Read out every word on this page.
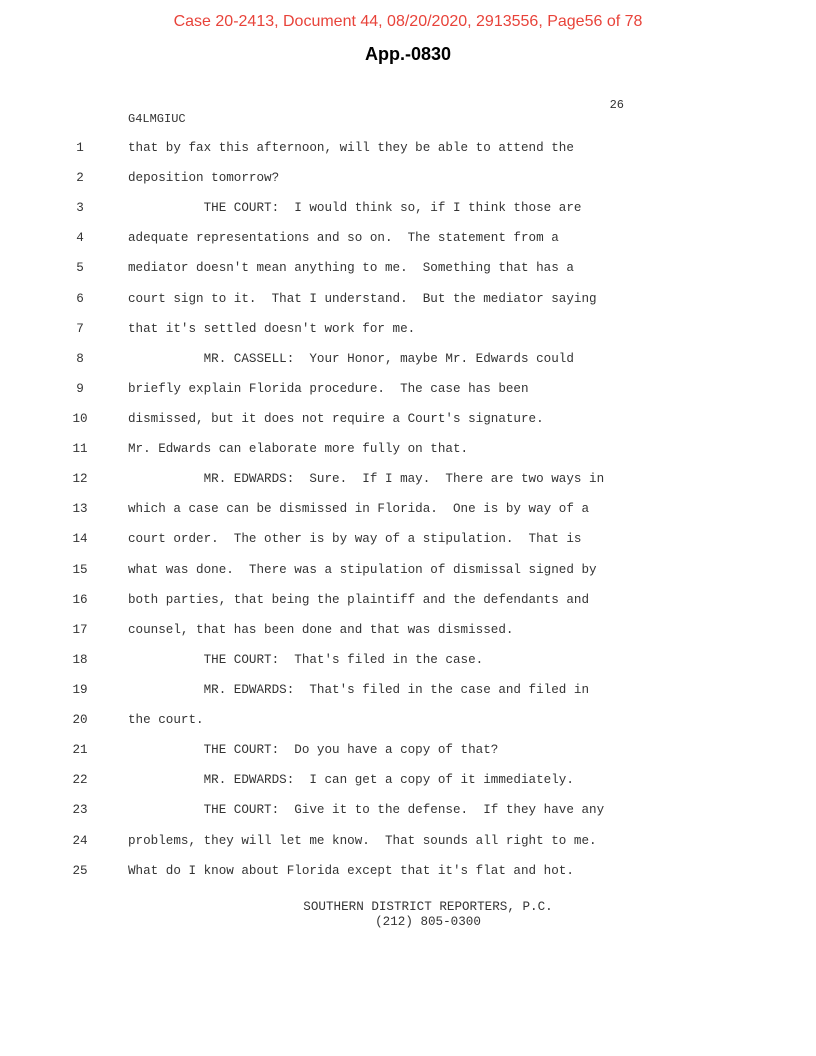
Case 20-2413, Document 44, 08/20/2020, 2913556, Page56 of 78
App.-0830
26
G4LMGIUC
1	that by fax this afternoon, will they be able to attend the
2	deposition tomorrow?
3	THE COURT:  I would think so, if I think those are
4	adequate representations and so on.  The statement from a
5	mediator doesn't mean anything to me.  Something that has a
6	court sign to it.  That I understand.  But the mediator saying
7	that it's settled doesn't work for me.
8	MR. CASSELL:  Your Honor, maybe Mr. Edwards could
9	briefly explain Florida procedure.  The case has been
10	dismissed, but it does not require a Court's signature.
11	Mr. Edwards can elaborate more fully on that.
12	MR. EDWARDS:  Sure.  If I may.  There are two ways in
13	which a case can be dismissed in Florida.  One is by way of a
14	court order.  The other is by way of a stipulation.  That is
15	what was done.  There was a stipulation of dismissal signed by
16	both parties, that being the plaintiff and the defendants and
17	counsel, that has been done and that was dismissed.
18	THE COURT:  That's filed in the case.
19	MR. EDWARDS:  That's filed in the case and filed in
20	the court.
21	THE COURT:  Do you have a copy of that?
22	MR. EDWARDS:  I can get a copy of it immediately.
23	THE COURT:  Give it to the defense.  If they have any
24	problems, they will let me know.  That sounds all right to me.
25	What do I know about Florida except that it's flat and hot.
SOUTHERN DISTRICT REPORTERS, P.C.
(212) 805-0300
